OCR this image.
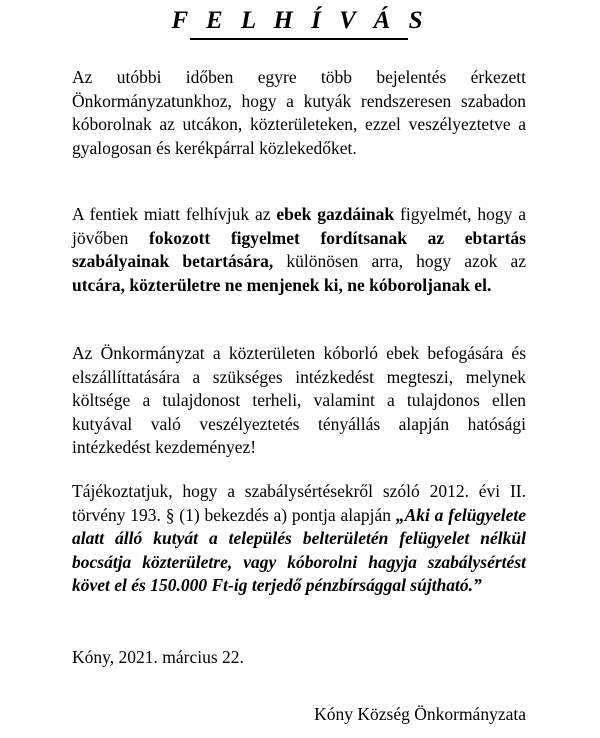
F E L H Í V Á S

Az utóbbi időben egyre több bejelentés érkezett Önkormányzatunkhoz, hogy a kutyák rendszeresen szabadon kóborolnak az utcákon, közterületeken, ezzel veszélyeztetve a gyalogosan és kerékpárral közlekedőket.

A fentiek miatt felhívjuk az ebek gazdáinak figyelmét, hogy a jövőben fokozott figyelmet fordítsanak az ebtartás szabályainak betartására, különösen arra, hogy azok az utcára, közterületre ne menjenek ki, ne kóboroljanak el.

Az Önkormányzat a közterületen kóborló ebek befogására és elszállíttatására a szükséges intézkedést megteszi, melynek költsége a tulajdonost terheli, valamint a tulajdonos ellen kutyával való veszélyeztetés tényállás alapján hatósági intézkedést kezdeményez!

Tájékoztatjuk, hogy a szabálysértésekről szóló 2012. évi II. törvény 193. § (1) bekezdés a) pontja alapján „Aki a felügyelete alatt álló kutyát a település belterületén felügyelet nélkül bocsátja közterületre, vagy kóborolni hagyja szabálysértést követ el és 150.000 Ft-ig terjedő pénzbírsággal sújtható.”

Kóny, 2021. március 22.
Kóny Község Önkormányzata
